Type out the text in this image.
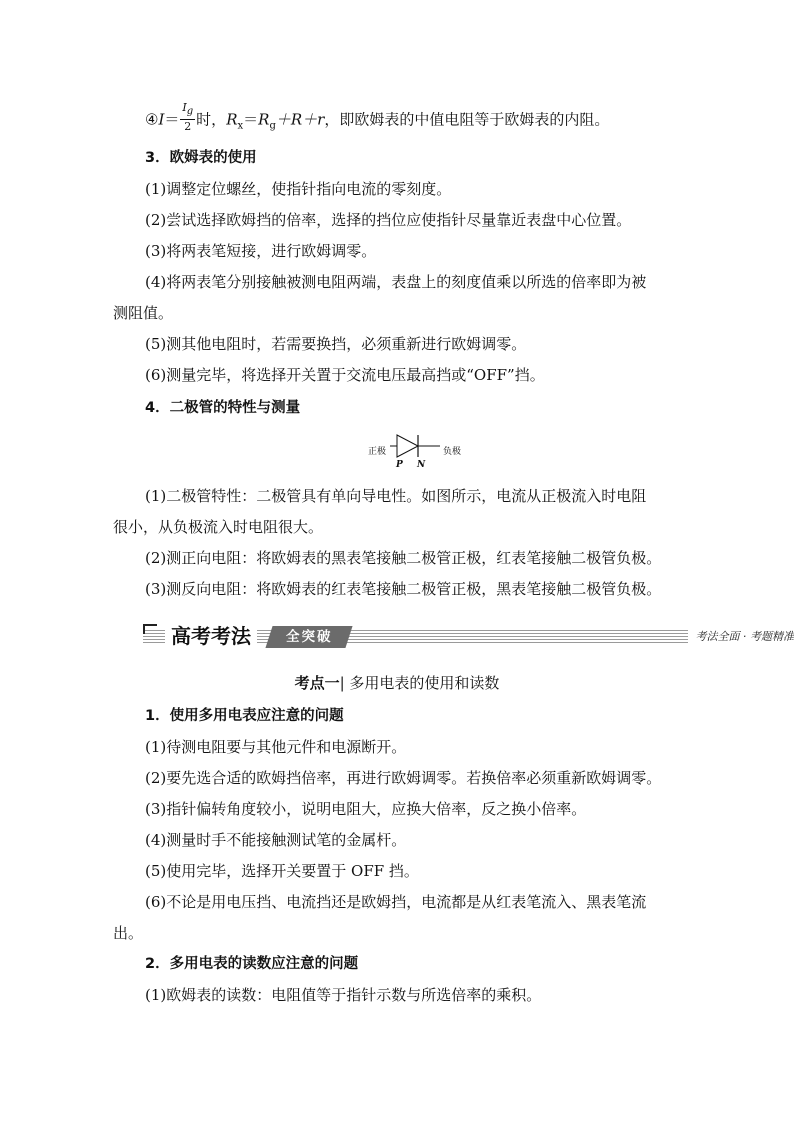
④I＝ $\frac{I_g}{2}$ 时，$R_x=R_g+R+r$，即欧姆表的中值电阻等于欧姆表的内阻。
3．欧姆表的使用
(1)调整定位螺丝，使指针指向电流的零刻度。
(2)尝试选择欧姆挡的倍率，选择的挡位应使指针尽量靠近表盘中心位置。
(3)将两表笔短接，进行欧姆调零。
(4)将两表笔分别接触被测电阻两端，表盘上的刻度值乘以所选的倍率即为被
测阻值。
(5)测其他电阻时，若需要换挡，必须重新进行欧姆调零。
(6)测量完毕，将选择开关置于交流电压最高挡或“OFF”挡。
4．二极管的特性与测量
正极	负极
P N
(1)二极管特性：二极管具有单向导电性。如图所示，电流从正极流入时电阻
很小，从负极流入时电阻很大。
(2)测正向电阻：将欧姆表的黑表笔接触二极管正极，红表笔接触二极管负极。
(3)测反向电阻：将欧姆表的红表笔接触二极管正极，黑表笔接触二极管负极。
高考考法	全突破	考法全面 · 考题精准
考点一| 多用电表的使用和读数
1．使用多用电表应注意的问题
(1)待测电阻要与其他元件和电源断开。
(2)要先选合适的欧姆挡倍率，再进行欧姆调零。若换倍率必须重新欧姆调零。
(3)指针偏转角度较小，说明电阻大，应换大倍率，反之换小倍率。
(4)测量时手不能接触测试笔的金属杆。
(5)使用完毕，选择开关要置于 OFF 挡。
(6)不论是用电压挡、电流挡还是欧姆挡，电流都是从红表笔流入、黑表笔流
出。
2．多用电表的读数应注意的问题
(1)欧姆表的读数：电阻值等于指针示数与所选倍率的乘积。
